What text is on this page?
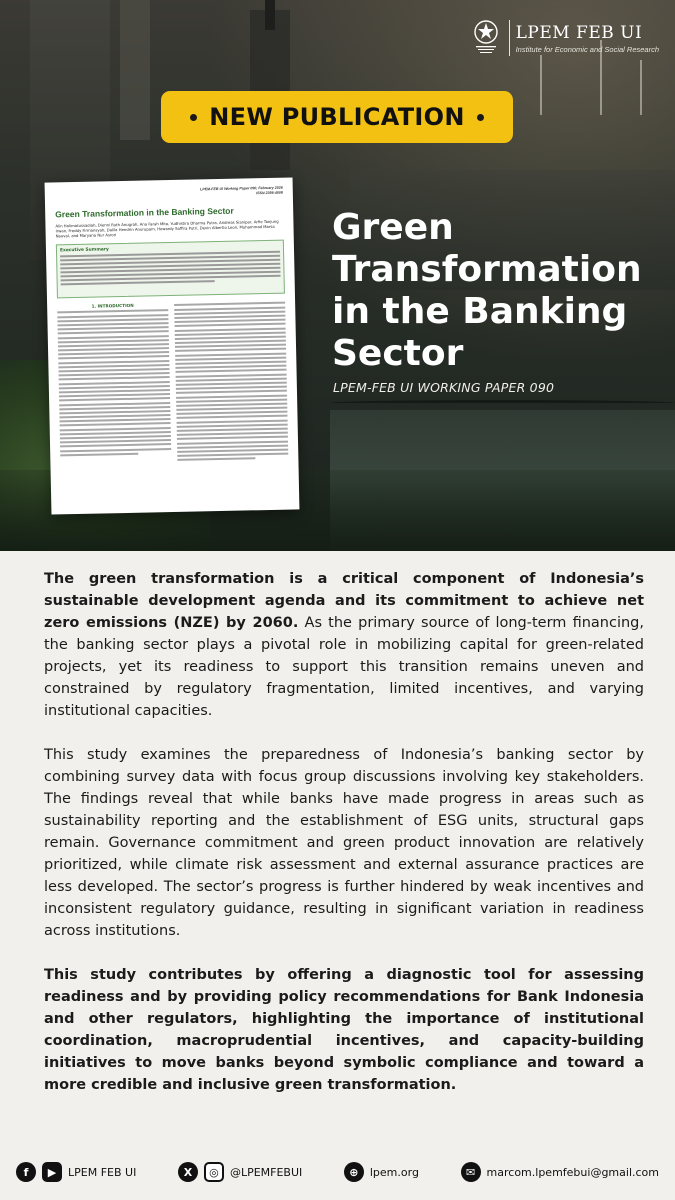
LPEM FEB UI
Institute for Economic and Social Research
NEW PUBLICATION
LPEM-FEB UI Working Paper 090, February 2026
ISSN 2356-4008
Green Transformation in the Banking Sector
Alin Halimatussadiah, Dienni Ruth Anugrah, Ana Farah Mita, Yudhistira Dharma Putra, Andreas Sianipar, Arfie Tanjung Irwan, Freddy Firmansyah, Dalila Hendrin Anurupam, Howardy Saffira Putri, Devin Albertio Leon, Muhammad Marsa Nauval, and Maryana Nur Asrori
Executive Summary
1. INTRODUCTION
Green
Transformation
in the Banking
Sector
LPEM-FEB UI WORKING PAPER 090

The green transformation is a critical component of Indonesia’s sustainable development agenda and its commitment to achieve net zero emissions (NZE) by 2060. As the primary source of long-term financing, the banking sector plays a pivotal role in mobilizing capital for green-related projects, yet its readiness to support this transition remains uneven and constrained by regulatory fragmentation, limited incentives, and varying institutional capacities.

This study examines the preparedness of Indonesia’s banking sector by combining survey data with focus group discussions involving key stakeholders. The findings reveal that while banks have made progress in areas such as sustainability reporting and the establishment of ESG units, structural gaps remain. Governance commitment and green product innovation are relatively prioritized, while climate risk assessment and external assurance practices are less developed. The sector’s progress is further hindered by weak incentives and inconsistent regulatory guidance, resulting in significant variation in readiness across institutions.

This study contributes by offering a diagnostic tool for assessing readiness and by providing policy recommendations for Bank Indonesia and other regulators, highlighting the importance of institutional coordination, macroprudential incentives, and capacity-building initiatives to move banks beyond symbolic compliance and toward a more credible and inclusive green transformation.

f	▶	LPEM FEB UI	X	◎	@LPEMFEBUI	⊕	lpem.org	✉	marcom.lpemfebui@gmail.com
